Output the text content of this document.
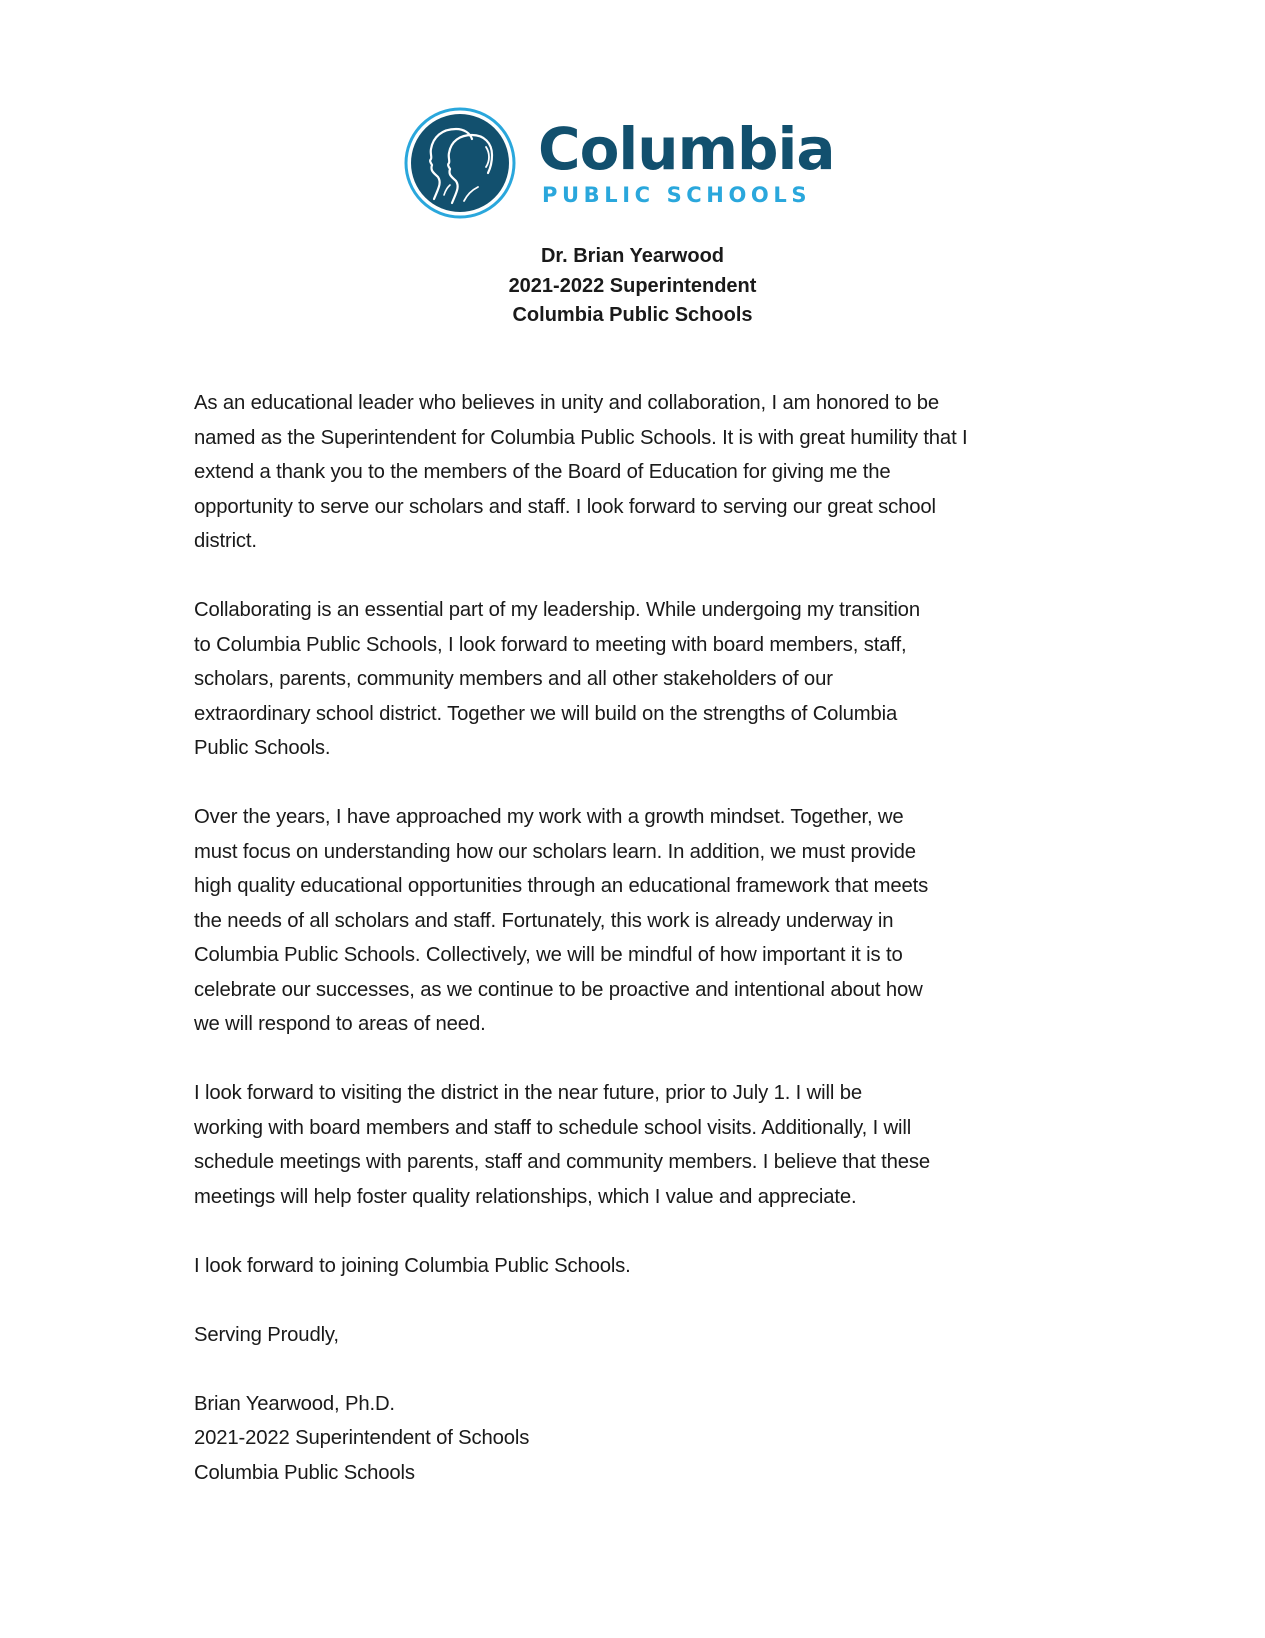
Columbia
PUBLIC SCHOOLS
Dr. Brian Yearwood
2021-2022 Superintendent
Columbia Public Schools

As an educational leader who believes in unity and collaboration, I am honored to be
named as the Superintendent for Columbia Public Schools. It is with great humility that I
extend a thank you to the members of the Board of Education for giving me the
opportunity to serve our scholars and staff. I look forward to serving our great school
district.

Collaborating is an essential part of my leadership. While undergoing my transition
to Columbia Public Schools, I look forward to meeting with board members, staff,
scholars, parents, community members and all other stakeholders of our
extraordinary school district. Together we will build on the strengths of Columbia
Public Schools.

Over the years, I have approached my work with a growth mindset. Together, we
must focus on understanding how our scholars learn. In addition, we must provide
high quality educational opportunities through an educational framework that meets
the needs of all scholars and staff. Fortunately, this work is already underway in
Columbia Public Schools. Collectively, we will be mindful of how important it is to
celebrate our successes, as we continue to be proactive and intentional about how
we will respond to areas of need.

I look forward to visiting the district in the near future, prior to July 1. I will be
working with board members and staff to schedule school visits. Additionally, I will
schedule meetings with parents, staff and community members. I believe that these
meetings will help foster quality relationships, which I value and appreciate.

I look forward to joining Columbia Public Schools.

Serving Proudly,

Brian Yearwood, Ph.D.
2021-2022 Superintendent of Schools
Columbia Public Schools
